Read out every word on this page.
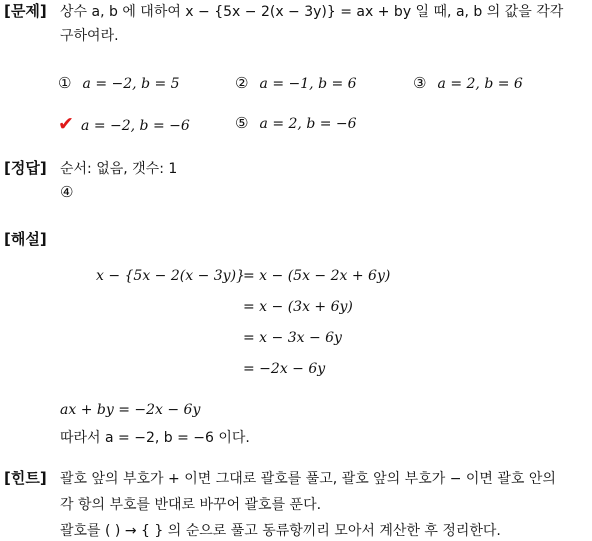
[문제] 상수 a, b 에 대하여 x − {5x − 2(x − 3y)} = ax + by 일 때, a, b 의 값을 각각
구하여라.
① a = −2, b = 5	② a = −1, b = 6	③ a = 2, b = 6
✔ a = −2, b = −6	⑤ a = 2, b = −6
[정답] 순서: 없음, 갯수: 1
④
[해설]
x − {5x − 2(x − 3y)}
= x − (5x − 2x + 6y)
= x − (3x + 6y)
= x − 3x − 6y
= −2x − 6y
ax + by = −2x − 6y
따라서 a = −2, b = −6 이다.
[힌트] 괄호 앞의 부호가 + 이면 그대로 괄호를 풀고, 괄호 앞의 부호가 − 이면 괄호 안의
각 항의 부호를 반대로 바꾸어 괄호를 푼다.
괄호를 ( ) → { } 의 순으로 풀고 동류항끼리 모아서 계산한 후 정리한다.
